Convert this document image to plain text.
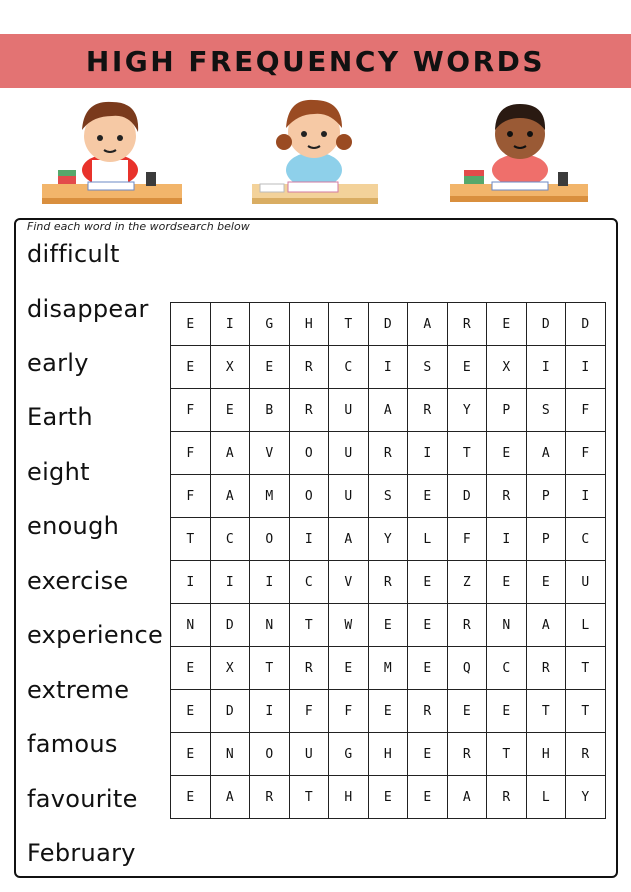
HIGH FREQUENCY WORDS
Find each word in the wordsearch below
difficult
disappear
early
Earth
eight
enough
exercise
experience
extreme
famous
favourite
February
E	I	G	H	T	D	A	R	E	D	D
E	X	E	R	C	I	S	E	X	I	I
F	E	B	R	U	A	R	Y	P	S	F
F	A	V	O	U	R	I	T	E	A	F
F	A	M	O	U	S	E	D	R	P	I
T	C	O	I	A	Y	L	F	I	P	C
I	I	I	C	V	R	E	Z	E	E	U
N	D	N	T	W	E	E	R	N	A	L
E	X	T	R	E	M	E	Q	C	R	T
E	D	I	F	F	E	R	E	E	T	T
E	N	O	U	G	H	E	R	T	H	R
E	A	R	T	H	E	E	A	R	L	Y
